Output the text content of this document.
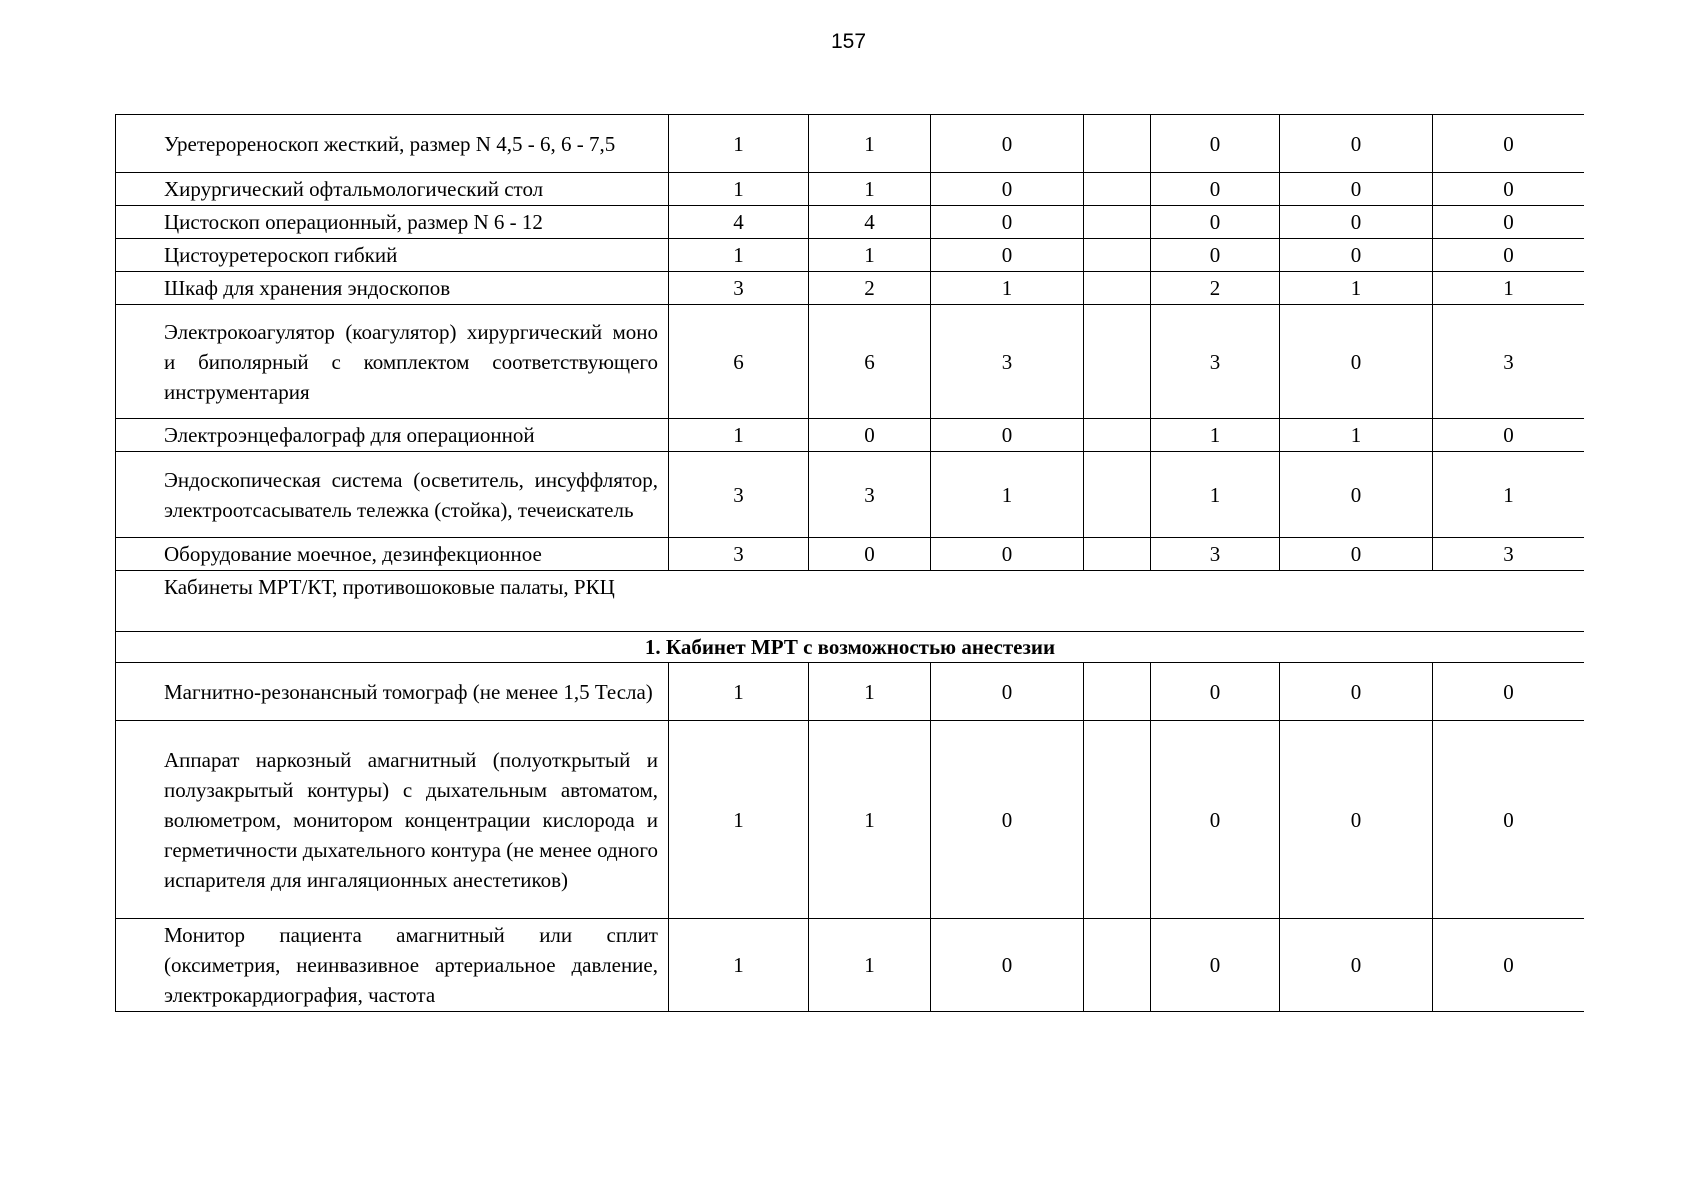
157
Уретерореноскоп жесткий, размер N 4,5 - 6, 6 - 7,5	1	1	0		0	0	0
Хирургический офтальмологический стол	1	1	0		0	0	0
Цистоскоп операционный, размер N 6 - 12	4	4	0		0	0	0
Цистоуретероскоп гибкий	1	1	0		0	0	0
Шкаф для хранения эндоскопов	3	2	1		2	1	1
Электрокоагулятор (коагулятор) хирургический моно и биполярный с комплектом соответствующего инструментария	6	6	3		3	0	3
Электроэнцефалограф для операционной	1	0	0		1	1	0
Эндоскопическая система (осветитель, инсуффлятор, электроотсасыватель тележка (стойка), течеискатель	3	3	1		1	0	1
Оборудование моечное, дезинфекционное	3	0	0		3	0	3
Кабинеты МРТ/КТ, противошоковые палаты, РКЦ							
1. Кабинет МРТ с возможностью анестезии							
Магнитно-резонансный томограф (не менее 1,5 Тесла)	1	1	0		0	0	0
Аппарат наркозный амагнитный (полуоткрытый и полузакрытый контуры) с дыхательным автоматом, волюметром, монитором концентрации кислорода и герметичности дыхательного контура (не менее одного испарителя для ингаляционных анестетиков)	1	1	0		0	0	0
Монитор пациента амагнитный или сплит (оксиметрия, неинвазивное артериальное давление, электрокардиография, частота	1	1	0		0	0	0
